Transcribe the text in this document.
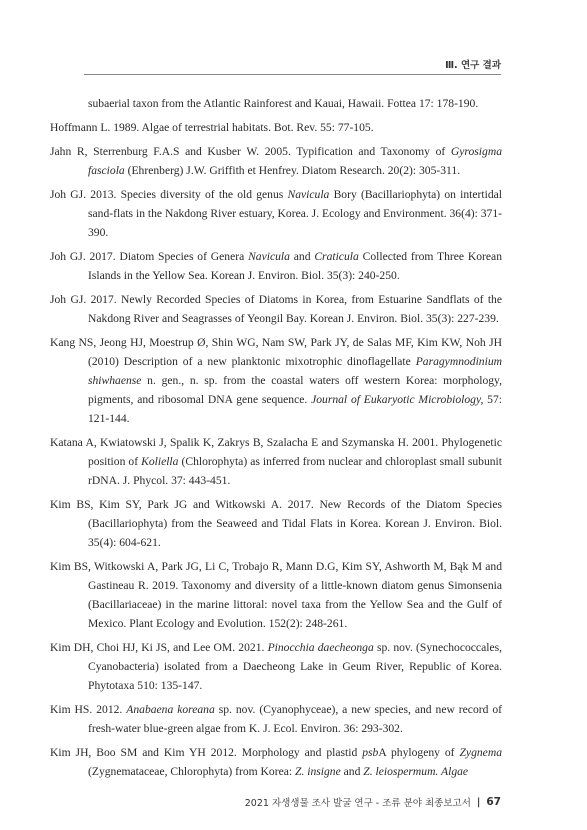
Ⅲ. 연구 결과

subaerial taxon from the Atlantic Rainforest and Kauai, Hawaii. Fottea 17: 178-190.

Hoffmann L. 1989. Algae of terrestrial habitats. Bot. Rev. 55: 77-105.

Jahn R, Sterrenburg F.A.S and Kusber W. 2005. Typification and Taxonomy of Gyrosigma fasciola (Ehrenberg) J.W. Griffith et Henfrey. Diatom Research. 20(2): 305-311.

Joh GJ. 2013. Species diversity of the old genus Navicula Bory (Bacillariophyta) on intertidal sand-flats in the Nakdong River estuary, Korea. J. Ecology and Environment. 36(4): 371-390.

Joh GJ. 2017. Diatom Species of Genera Navicula and Craticula Collected from Three Korean Islands in the Yellow Sea. Korean J. Environ. Biol. 35(3): 240-250.

Joh GJ. 2017. Newly Recorded Species of Diatoms in Korea, from Estuarine Sandflats of the Nakdong River and Seagrasses of Yeongil Bay. Korean J. Environ. Biol. 35(3): 227-239.

Kang NS, Jeong HJ, Moestrup Ø, Shin WG, Nam SW, Park JY, de Salas MF, Kim KW, Noh JH (2010) Description of a new planktonic mixotrophic dinoflagellate Paragymnodinium shiwhaense n. gen., n. sp. from the coastal waters off western Korea: morphology, pigments, and ribosomal DNA gene sequence. Journal of Eukaryotic Microbiology, 57: 121-144.

Katana A, Kwiatowski J, Spalik K, Zakrys B, Szalacha E and Szymanska H. 2001. Phylogenetic position of Koliella (Chlorophyta) as inferred from nuclear and chloroplast small subunit rDNA. J. Phycol. 37: 443-451.

Kim BS, Kim SY, Park JG and Witkowski A. 2017. New Records of the Diatom Species (Bacillariophyta) from the Seaweed and Tidal Flats in Korea. Korean J. Environ. Biol. 35(4): 604-621.

Kim BS, Witkowski A, Park JG, Li C, Trobajo R, Mann D.G, Kim SY, Ashworth M, Bąk M and Gastineau R. 2019. Taxonomy and diversity of a little-known diatom genus Simonsenia (Bacillariaceae) in the marine littoral: novel taxa from the Yellow Sea and the Gulf of Mexico. Plant Ecology and Evolution. 152(2): 248-261.

Kim DH, Choi HJ, Ki JS, and Lee OM. 2021. Pinocchia daecheonga sp. nov. (Synechococcales, Cyanobacteria) isolated from a Daecheong Lake in Geum River, Republic of Korea. Phytotaxa 510: 135-147.

Kim HS. 2012. Anabaena koreana sp. nov. (Cyanophyceae), a new species, and new record of fresh-water blue-green algae from K. J. Ecol. Environ. 36: 293-302.

Kim JH, Boo SM and Kim YH 2012. Morphology and plastid psbA phylogeny of Zygnema (Zygnemataceae, Chlorophyta) from Korea: Z. insigne and Z. leiospermum. Algae

2021 자생생물 조사 발굴 연구 - 조류 분야 최종보고서 | 67
